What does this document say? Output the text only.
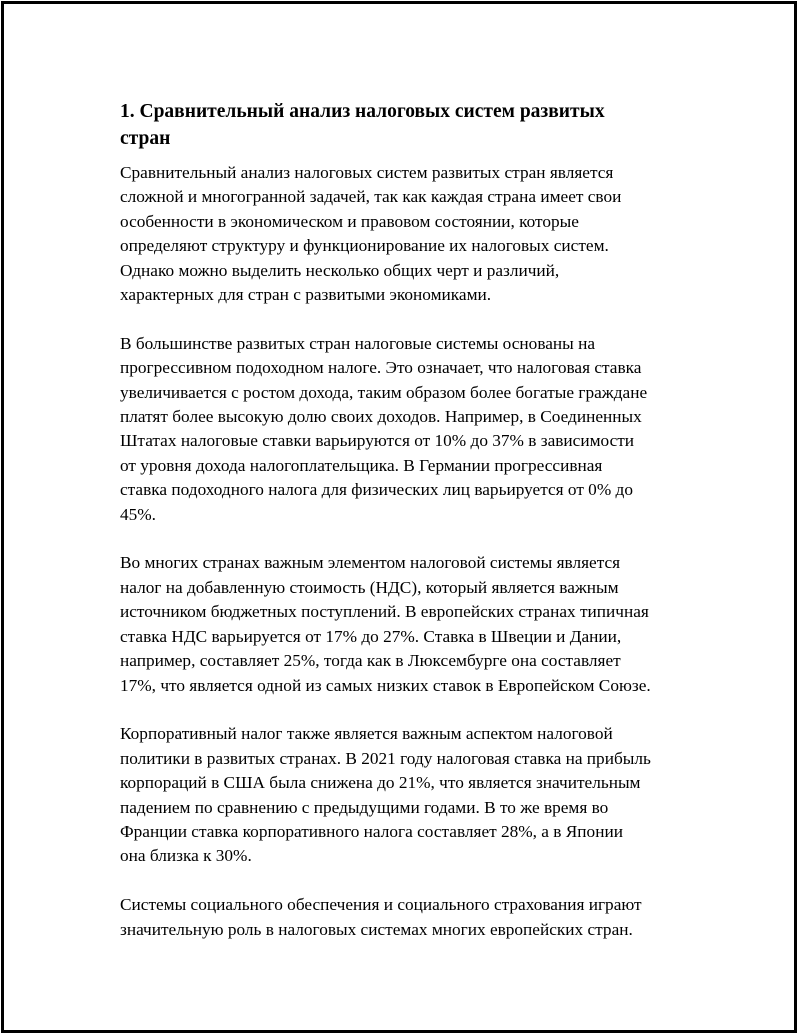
1. Сравнительный анализ налоговых систем развитых
стран

Сравнительный анализ налоговых систем развитых стран является
сложной и многогранной задачей, так как каждая страна имеет свои
особенности в экономическом и правовом состоянии, которые
определяют структуру и функционирование их налоговых систем.
Однако можно выделить несколько общих черт и различий,
характерных для стран с развитыми экономиками.

В большинстве развитых стран налоговые системы основаны на
прогрессивном подоходном налоге. Это означает, что налоговая ставка
увеличивается с ростом дохода, таким образом более богатые граждане
платят более высокую долю своих доходов. Например, в Соединенных
Штатах налоговые ставки варьируются от 10% до 37% в зависимости
от уровня дохода налогоплательщика. В Германии прогрессивная
ставка подоходного налога для физических лиц варьируется от 0% до
45%.

Во многих странах важным элементом налоговой системы является
налог на добавленную стоимость (НДС), который является важным
источником бюджетных поступлений. В европейских странах типичная
ставка НДС варьируется от 17% до 27%. Ставка в Швеции и Дании,
например, составляет 25%, тогда как в Люксембурге она составляет
17%, что является одной из самых низких ставок в Европейском Союзе.

Корпоративный налог также является важным аспектом налоговой
политики в развитых странах. В 2021 году налоговая ставка на прибыль
корпораций в США была снижена до 21%, что является значительным
падением по сравнению с предыдущими годами. В то же время во
Франции ставка корпоративного налога составляет 28%, а в Японии
она близка к 30%.

Системы социального обеспечения и социального страхования играют
значительную роль в налоговых системах многих европейских стран.
